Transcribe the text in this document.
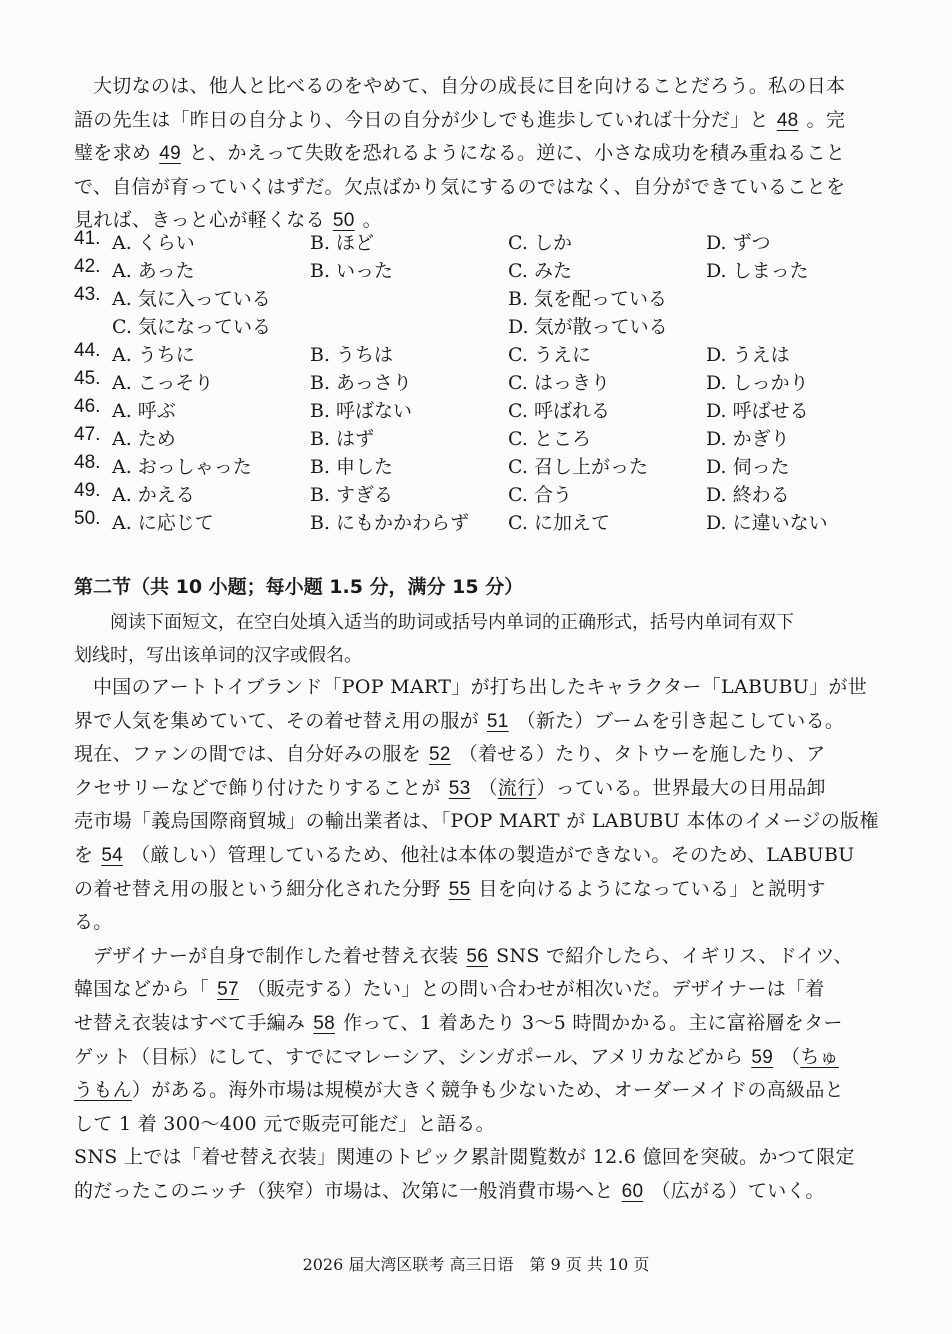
大切なのは、他人と比べるのをやめて、自分の成長に目を向けることだろう。私の日本
語の先生は「昨日の自分より、今日の自分が少しでも進歩していれば十分だ」と 48 。完
璧を求め 49 と、かえって失敗を恐れるようになる。逆に、小さな成功を積み重ねること
で、自信が育っていくはずだ。欠点ばかり気にするのではなく、自分ができていることを
見れば、きっと心が軽くなる 50 。
41. A. くらい	B. ほど	C. しか	D. ずつ
42. A. あった	B. いった	C. みた	D. しまった
43. A. 気に入っている	B. 気を配っている
C. 気になっている	D. 気が散っている
44. A. うちに	B. うちは	C. うえに	D. うえは
45. A. こっそり	B. あっさり	C. はっきり	D. しっかり
46. A. 呼ぶ	B. 呼ばない	C. 呼ばれる	D. 呼ばせる
47. A. ため	B. はず	C. ところ	D. かぎり
48. A. おっしゃった	B. 申した	C. 召し上がった	D. 伺った
49. A. かえる	B. すぎる	C. 合う	D. 終わる
50. A. に応じて	B. にもかかわらず C. に加えて	D. に違いない
第二节（共 10 小题；每小题 1.5 分，满分 15 分）
阅读下面短文，在空白处填入适当的助词或括号内单词的正确形式，括号内单词有双下
划线时，写出该单词的汉字或假名。
中国のアートトイブランド「POP MART」が打ち出したキャラクター「LABUBU」が世
界で人気を集めていて、その着せ替え用の服が 51 （新た）ブームを引き起こしている。
現在、ファンの間では、自分好みの服を 52 （着せる）たり、タトウーを施したり、ア
クセサリーなどで飾り付けたりすることが 53 （流行）っている。世界最大の日用品卸
売市場「義烏国際商貿城」の輸出業者は、「POP MART が LABUBU 本体のイメージの版権
を 54 （厳しい）管理しているため、他社は本体の製造ができない。そのため、LABUBU
の着せ替え用の服という細分化された分野 55 目を向けるようになっている」と説明す
る。
デザイナーが自身で制作した着せ替え衣装 56 SNS で紹介したら、イギリス、ドイツ、
韓国などから「 57 （販売する）たい」との問い合わせが相次いだ。デザイナーは「着
せ替え衣装はすべて手編み 58 作って、1 着あたり 3～5 時間かかる。主に富裕層をター
ゲット（目标）にして、すでにマレーシア、シンガポール、アメリカなどから 59 （ちゅ
うもん）がある。海外市場は規模が大きく競争も少ないため、オーダーメイドの高級品と
して 1 着 300～400 元で販売可能だ」と語る。
SNS 上では「着せ替え衣装」関連のトピック累計閲覧数が 12.6 億回を突破。かつて限定
的だったこのニッチ（狭窄）市場は、次第に一般消費市場へと 60 （広がる）ていく。
2026 届大湾区联考 高三日语　第 9 页 共 10 页
